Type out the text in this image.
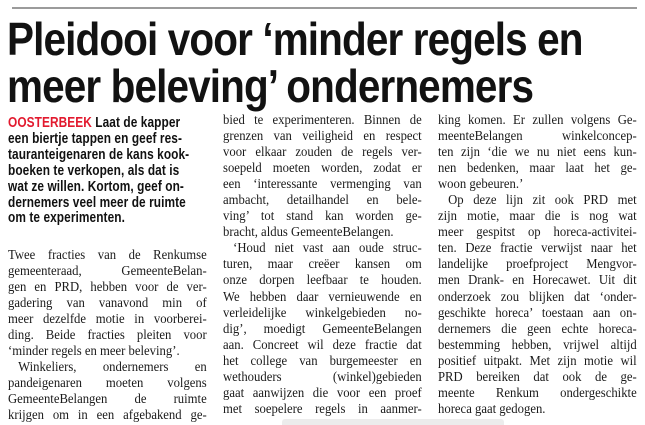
Pleidooi voor ‘minder regels en
meer beleving’ ondernemers
OOSTERBEEK Laat de kapper
een biertje tappen en geef res-
tauranteigenaren de kans kook-
boeken te verkopen, als dat is
wat ze willen. Kortom, geef on-
dernemers veel meer de ruimte
om te experimenten.
Twee fracties van de Renkumse
gemeenteraad, GemeenteBelan-
gen en PRD, hebben voor de ver-
gadering van vanavond min of
meer dezelfde motie in voorberei-
ding. Beide fracties pleiten voor
‘minder regels en meer beleving’.
Winkeliers, ondernemers en
pandeigenaren moeten volgens
GemeenteBelangen de ruimte
krijgen om in een afgebakend ge-
bied te experimenteren. Binnen de
grenzen van veiligheid en respect
voor elkaar zouden de regels ver-
soepeld moeten worden, zodat er
een ‘interessante vermenging van
ambacht, detailhandel en bele-
ving’ tot stand kan worden ge-
bracht, aldus GemeenteBelangen.
‘Houd niet vast aan oude struc-
turen, maar creëer kansen om
onze dorpen leefbaar te houden.
We hebben daar vernieuwende en
verleidelijke winkelgebieden no-
dig’, moedigt GemeenteBelangen
aan. Concreet wil deze fractie dat
het college van burgemeester en
wethouders (winkel)gebieden
gaat aanwijzen die voor een proef
met soepelere regels in aanmer-
king komen. Er zullen volgens Ge-
meenteBelangen winkelconcep-
ten zijn ‘die we nu niet eens kun-
nen bedenken, maar laat het ge-
woon gebeuren.’
Op deze lijn zit ook PRD met
zijn motie, maar die is nog wat
meer gespitst op horeca-activitei-
ten. Deze fractie verwijst naar het
landelijke proefproject Mengvor-
men Drank- en Horecawet. Uit dit
onderzoek zou blijken dat ‘onder-
geschikte horeca’ toestaan aan on-
dernemers die geen echte horeca-
bestemming hebben, vrijwel altijd
positief uitpakt. Met zijn motie wil
PRD bereiken dat ook de ge-
meente Renkum ondergeschikte
horeca gaat gedogen.
